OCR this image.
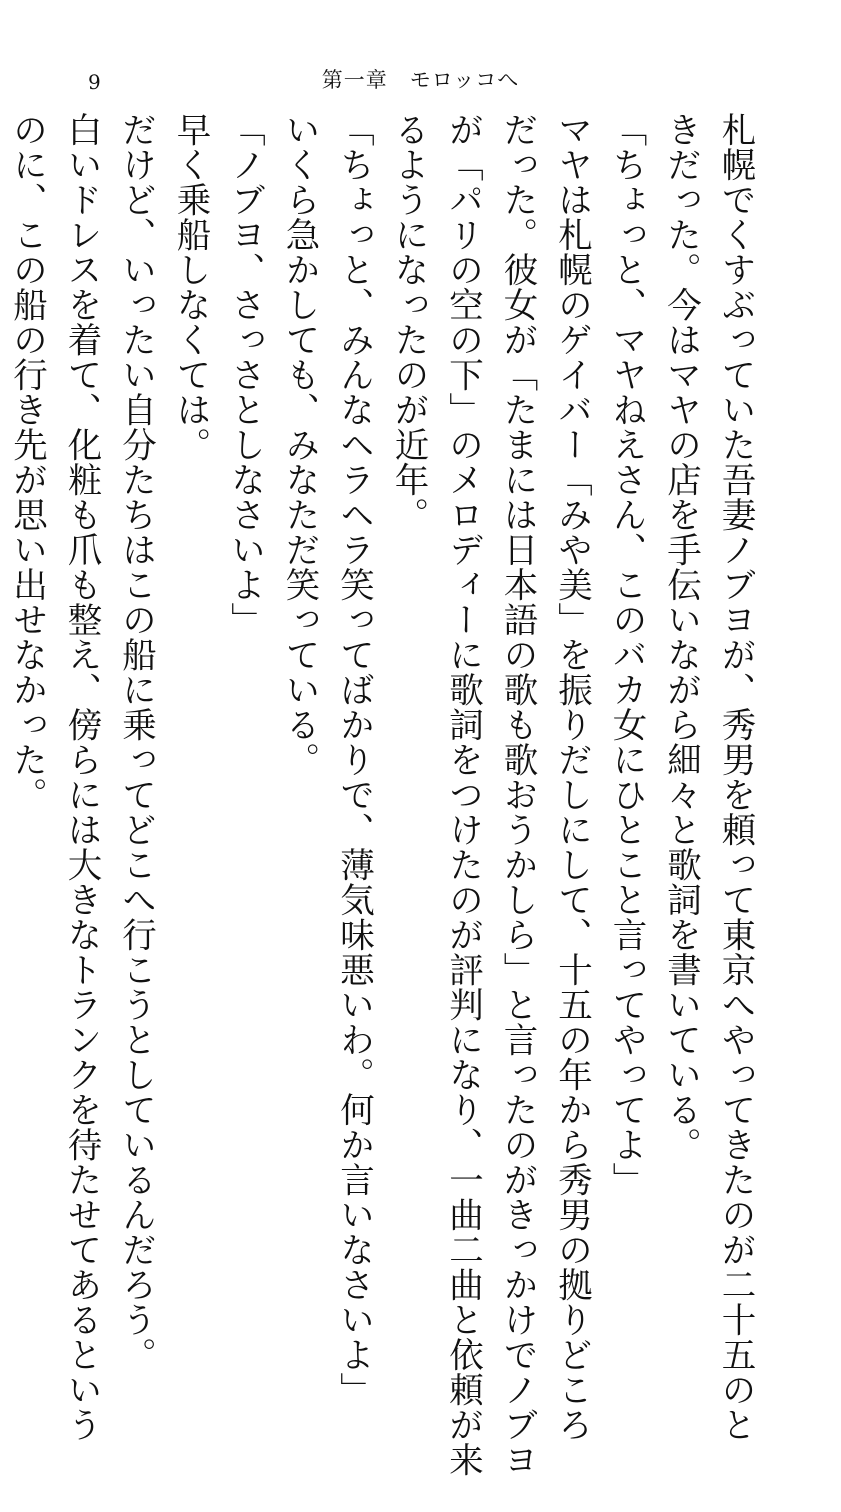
9	第一章　モロッコへ
札幌でくすぶっていた吾妻ノブヨが、秀男を頼って東京へやってきたのが二十五のと
きだった。今はマヤの店を手伝いながら細々と歌詞を書いている。
「ちょっと、マヤねえさん、このバカ女にひとこと言ってやってよ」
マヤは札幌のゲイバー「みや美」を振りだしにして、十五の年から秀男の拠りどころ
だった。彼女が「たまには日本語の歌も歌おうかしら」と言ったのがきっかけでノブヨ
が「パリの空の下」のメロディーに歌詞をつけたのが評判になり、一曲二曲と依頼が来
るようになったのが近年。
「ちょっと、みんなヘラヘラ笑ってばかりで、薄気味悪いわ。何か言いなさいよ」
いくら急かしても、みなただ笑っている。
「ノブヨ、さっさとしなさいよ」
早く乗船しなくては。
だけど、いったい自分たちはこの船に乗ってどこへ行こうとしているんだろう。
白いドレスを着て、化粧も爪も整え、傍らには大きなトランクを待たせてあるという
のに、この船の行き先が思い出せなかった。
